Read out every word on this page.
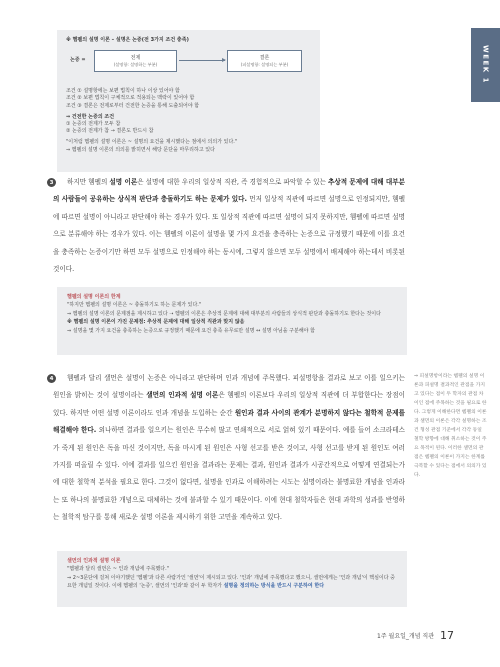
WEEK 1
※ 헴펠의 설명 이론 – 설명은 논증(전 3가지 조건 충족)
논증 =	전제
(설명항: 설명하는 부분)
결론
(피설명항: 설명되는 부분)
조건 ① 설명항에는 보편 법칙이 하나 이상 있어야 함
조건 ② 보편 법칙이 구체적으로 적용되는 맥락이 있어야 함
조건 ③ 결론은 전제로부터 건전한 논증을 통해 도출되어야 함
⇒ 건전한 논증의 조건
① 논증의 전제가 모두 참
② 논증의 전제가 참 → 결론도 반드시 참
"이처럼 헴펠의 설명 이론은 ~ 설명의 요건을 제시했다는 점에서 의의가 있다."
⇒ 헴펠의 설명 이론의 의의를 밝히면서 해당 문단을 마무리하고 있다
3	하지만 헴펠의 설명 이론은 설명에 대한 우리의 일상적 직관, 즉 경험적으로 파악할 수 있는 추상적 문제에 대해 대부분의 사람들이 공유하는 상식적 판단과 충돌하기도 하는 문제가 있다. 먼저 일상적 직관에 따르면 설명으로 인정되지만, 헴펠에 따르면 설명이 아니라고 판단해야 하는 경우가 있다. 또 일상적 직관에 따르면 설명이 되지 못하지만, 헴펠에 따르면 설명으로 분류해야 하는 경우가 있다. 이는 헴펠의 이론이 설명을 몇 가지 요건을 충족하는 논증으로 규정했기 때문에 이를 요건을 충족하는 논증이기만 하면 모두 설명으로 인정해야 하는 동시에, 그렇지 않으면 모두 설명에서 배제해야 하는데서 비롯된 것이다.
헴펠의 설명 이론의 한계
"하지만 헴펠의 설명 이론은 ~ 충돌하기도 하는 문제가 있다."
⇒ 헴펠의 설명 이론의 문제점을 제시하고 있다 ➝ 헴펠의 이론은 추상적 문제에 대해 대부분의 사람들의 상식적 판단과 충돌하기도 한다는 것이다
※ 헴펠의 설명 이론이 가진 문제점: 추상적 문제에 대해 일상적 직관과 맞지 않음
⇒ 설명을 몇 가지 요건을 충족하는 논증으로 규정했기 때문에 요건 충족 유무로만 설명 ↔ 설명 아님을 구분해야 함
4	헴펠과 달리 샐먼은 설명이 논증은 아니라고 판단하며 인과 개념에 주목했다. 피설명항을 결과로 보고 이를 일으키는 원인을 밝히는 것이 설명이라는 샐먼의 인과적 설명 이론은 헴펠의 이론보다 우리의 일상적 직관에 더 부합한다는 장점이 있다. 하지만 어떤 설명 이론이라도 인과 개념을 도입하는 순간 원인과 결과 사이의 관계가 분명하지 않다는 철학적 문제를 해결해야 한다. 외나하면 결과를 일으키는 원인은 무수히 많고 연쇄적으로 서로 얽혀 있기 때문이다. 예를 들어 소크라테스가 죽게 된 원인은 독을 마신 것이지만, 독을 마시게 된 원인은 사형 선고를 받은 것이고, 사형 선고를 받게 된 원인도 여러 가지를 떠올릴 수 있다. 이에 결과를 일으킨 원인을 결과라는 문제는 결과, 원인과 결과가 시공간적으로 어떻게 연결되는가에 대한 철학적 분석을 필요로 한다. 그것이 없다면, 설명을 인과로 이해하려는 시도는 설명이라는 불명료한 개념을 인과라는 또 하나의 불명료한 개념으로 대체하는 것에 불과할 수 있기 때문이다. 이에 현대 철학자들은 현대 과학의 성과를 반영하는 철학적 탐구를 통해 새로운 설명 이론을 제시하기 위한 고민을 계속하고 있다.
⇒ 피설명항이라는 헴펠의 설명 이론과 피설명 결과적인 관점을 가지고 있다는 점이 두 학자의 관점 차이인 점에 주목하는 것을 필요로 한다. 그렇게 이해한다면 헴펠의 이론과 샐먼의 이론은 각각 설명하는 조건 형성 관점 기준에서 각각 동일 철학 방향에 대해 취소하는 것이 주요 목적이 된다. 이러한 샐먼의 관점은 헴펠의 이론이 가지는 한계를 극복할 수 있다는 점에서 의의가 있다.
샐먼의 인과적 설명 이론
"헴펠과 달리 샐먼은 ~ 인과 개념에 주목했다."
⇒ 2~3문단에 걸쳐 이야기했던 '헴펠'과 다른 사람가인 '샐먼'이 제시되고 있다. '인과' 개념에 주목했다고 했으니, 샐먼에게는 '인과 개념'이 핵심이다 중요한 개념일 것이다. 이에 헴펠의 '논증', 샐먼의 '인과'와 같이 두 학자가 설명을 정의하는 방식을 반드시 구분하여 한다
1주 월요일_개념 직관 17
